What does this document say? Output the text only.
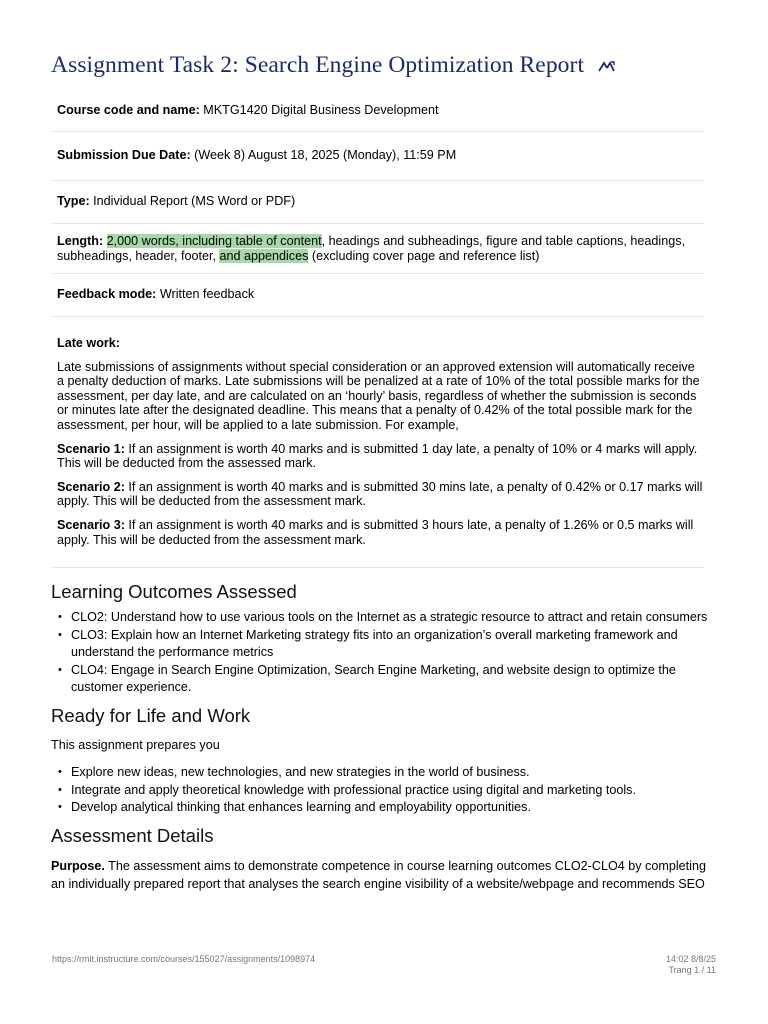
Assignment Task 2: Search Engine Optimization Report
Course code and name: MKTG1420 Digital Business Development
Submission Due Date: (Week 8) August 18, 2025 (Monday), 11:59 PM
Type: Individual Report (MS Word or PDF)
Length: 2,000 words, including table of content, headings and subheadings, figure and table captions, headings, subheadings, header, footer, and appendices (excluding cover page and reference list)
Feedback mode: Written feedback

Late work:

Late submissions of assignments without special consideration or an approved extension will automatically receive a penalty deduction of marks. Late submissions will be penalized at a rate of 10% of the total possible marks for the assessment, per day late, and are calculated on an ‘hourly’ basis, regardless of whether the submission is seconds or minutes late after the designated deadline. This means that a penalty of 0.42% of the total possible mark for the assessment, per hour, will be applied to a late submission. For example,

Scenario 1: If an assignment is worth 40 marks and is submitted 1 day late, a penalty of 10% or 4 marks will apply. This will be deducted from the assessed mark.

Scenario 2: If an assignment is worth 40 marks and is submitted 30 mins late, a penalty of 0.42% or 0.17 marks will apply. This will be deducted from the assessment mark.

Scenario 3: If an assignment is worth 40 marks and is submitted 3 hours late, a penalty of 1.26% or 0.5 marks will apply. This will be deducted from the assessment mark.

Learning Outcomes Assessed
• CLO2: Understand how to use various tools on the Internet as a strategic resource to attract and retain consumers
• CLO3: Explain how an Internet Marketing strategy fits into an organization’s overall marketing framework and understand the performance metrics
• CLO4: Engage in Search Engine Optimization, Search Engine Marketing, and website design to optimize the customer experience.
Ready for Life and Work
This assignment prepares you
• Explore new ideas, new technologies, and new strategies in the world of business.
• Integrate and apply theoretical knowledge with professional practice using digital and marketing tools.
• Develop analytical thinking that enhances learning and employability opportunities.
Assessment Details
Purpose. The assessment aims to demonstrate competence in course learning outcomes CLO2-CLO4 by completing an individually prepared report that analyses the search engine visibility of a website/webpage and recommends SEO
https://rmit.instructure.com/courses/155027/assignments/1098974	14:02 8/8/25
Trang 1 / 11
